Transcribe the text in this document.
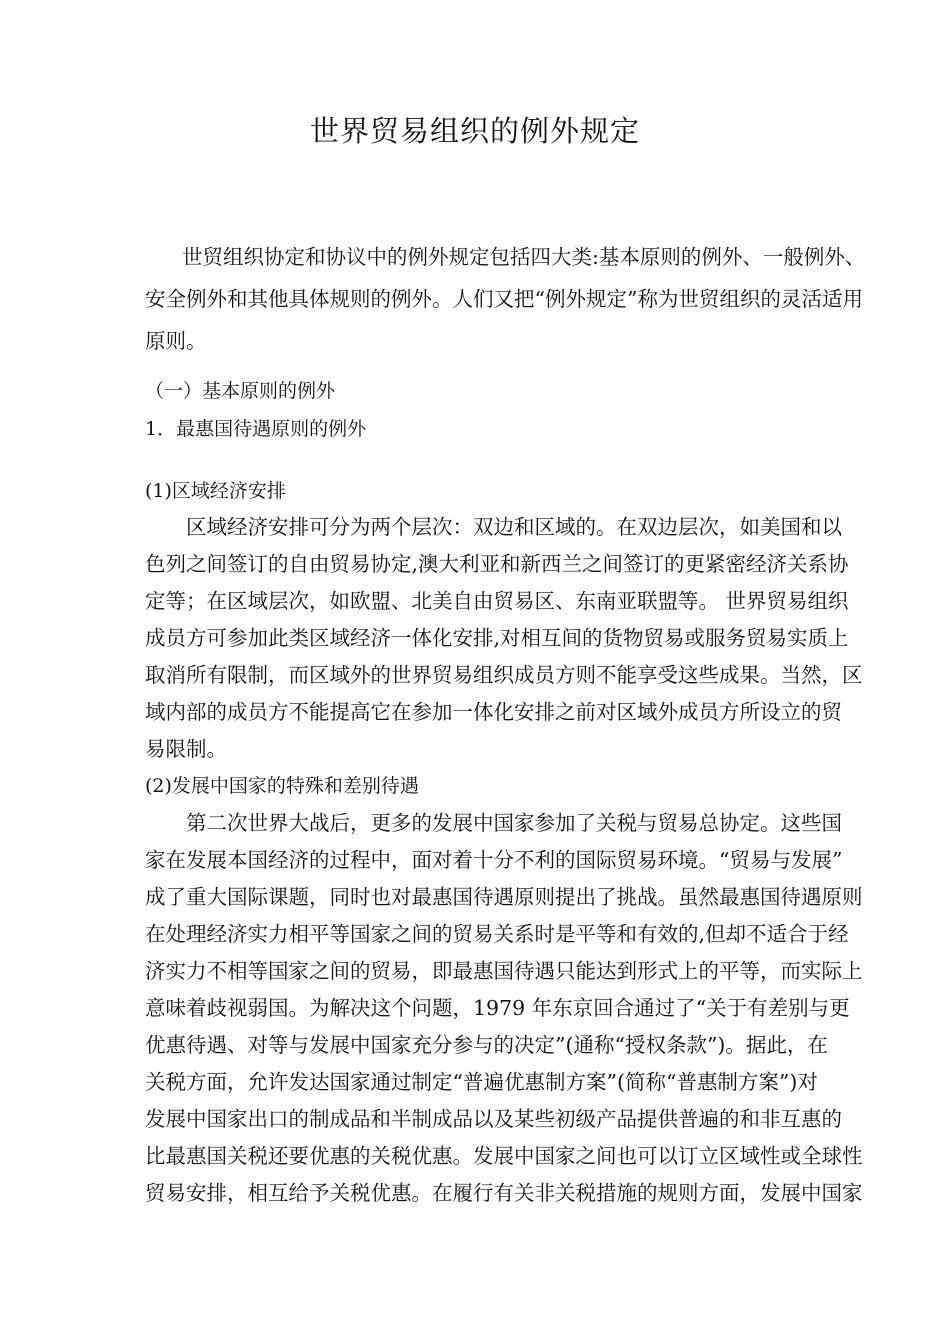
世界贸易组织的例外规定
世贸组织协定和协议中的例外规定包括四大类:基本原则的例外、一般例外、
安全例外和其他具体规则的例外。人们又把“例外规定”称为世贸组织的灵活适用
原则。
（一）基本原则的例外
1．最惠国待遇原则的例外
(1)区域经济安排
区域经济安排可分为两个层次：双边和区域的。在双边层次，如美国和以
色列之间签订的自由贸易协定,澳大利亚和新西兰之间签订的更紧密经济关系协
定等；在区域层次，如欧盟、北美自由贸易区、东南亚联盟等。 世界贸易组织
成员方可参加此类区域经济一体化安排,对相互间的货物贸易或服务贸易实质上
取消所有限制，而区域外的世界贸易组织成员方则不能享受这些成果。当然，区
域内部的成员方不能提高它在参加一体化安排之前对区域外成员方所设立的贸
易限制。
(2)发展中国家的特殊和差别待遇
第二次世界大战后，更多的发展中国家参加了关税与贸易总协定。这些国
家在发展本国经济的过程中，面对着十分不利的国际贸易环境。“贸易与发展”
成了重大国际课题，同时也对最惠国待遇原则提出了挑战。虽然最惠国待遇原则
在处理经济实力相平等国家之间的贸易关系时是平等和有效的,但却不适合于经
济实力不相等国家之间的贸易，即最惠国待遇只能达到形式上的平等，而实际上
意味着歧视弱国。为解决这个问题，1979 年东京回合通过了“关于有差别与更
优惠待遇、对等与发展中国家充分参与的决定”(通称“授权条款”)。据此，在
关税方面，允许发达国家通过制定“普遍优惠制方案”(简称“普惠制方案”)对
发展中国家出口的制成品和半制成品以及某些初级产品提供普遍的和非互惠的
比最惠国关税还要优惠的关税优惠。发展中国家之间也可以订立区域性或全球性
贸易安排，相互给予关税优惠。在履行有关非关税措施的规则方面，发展中国家
